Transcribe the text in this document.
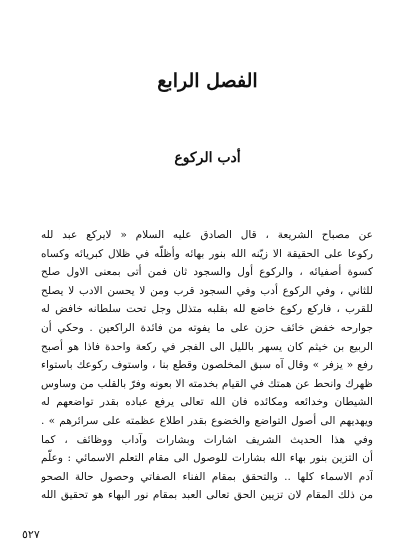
الفصل الرابع
أدب الركوع
عن مصباح الشريعة ، قال الصادق عليه السلام « لايركع عبد لله
ركوعا على الحقيقة الا زيّنه الله بنور بهائه وأظلّه في ظلال كبريائه وكساه
كسوة أصفيائه ، والركوع أول والسجود ثان فمن أتى بمعنى الاول صلح
للثاني ، وفي الركوع أدب وفي السجود قرب ومن لا يحسن الادب لا يصلح
للقرب ، فاركع ركوع خاضع لله بقلبه متذلل وجل تحت سلطانه خافض له
جوارحه خفض خائف حزن على ما يفوته من فائدة الراكعين . وحكي أن
الربيع بن خيثم كان يسهر بالليل الى الفجر في ركعة واحدة فاذا هو أصبح
رفع « يزفر » وقال آه سبق المخلصون وقطع بنا ، واستوف ركوعك باستواء
ظهرك وانحط عن همتك في القيام بخدمته الا بعونه وفرّ بالقلب من وساوس
الشيطان وخدائعه ومكائده فان الله تعالى يرفع عباده بقدر تواضعهم له
ويهديهم الى أصول التواضع والخضوع بقدر اطلاع عظمته على سرائرهم » .
وفي هذا الحديث الشريف اشارات وبشارات وآداب ووظائف ، كما
أن التزين بنور بهاء الله بشارات للوصول الى مقام التعلم الاسمائي : وعلّم
آدم الاسماء كلها .. والتحقق بمقام الفناء الصفاتي وحصول حالة الصحو
من ذلك المقام لان تزيين الحق تعالى العبد بمقام نور البهاء هو تحقيق الله
٥٢٧
